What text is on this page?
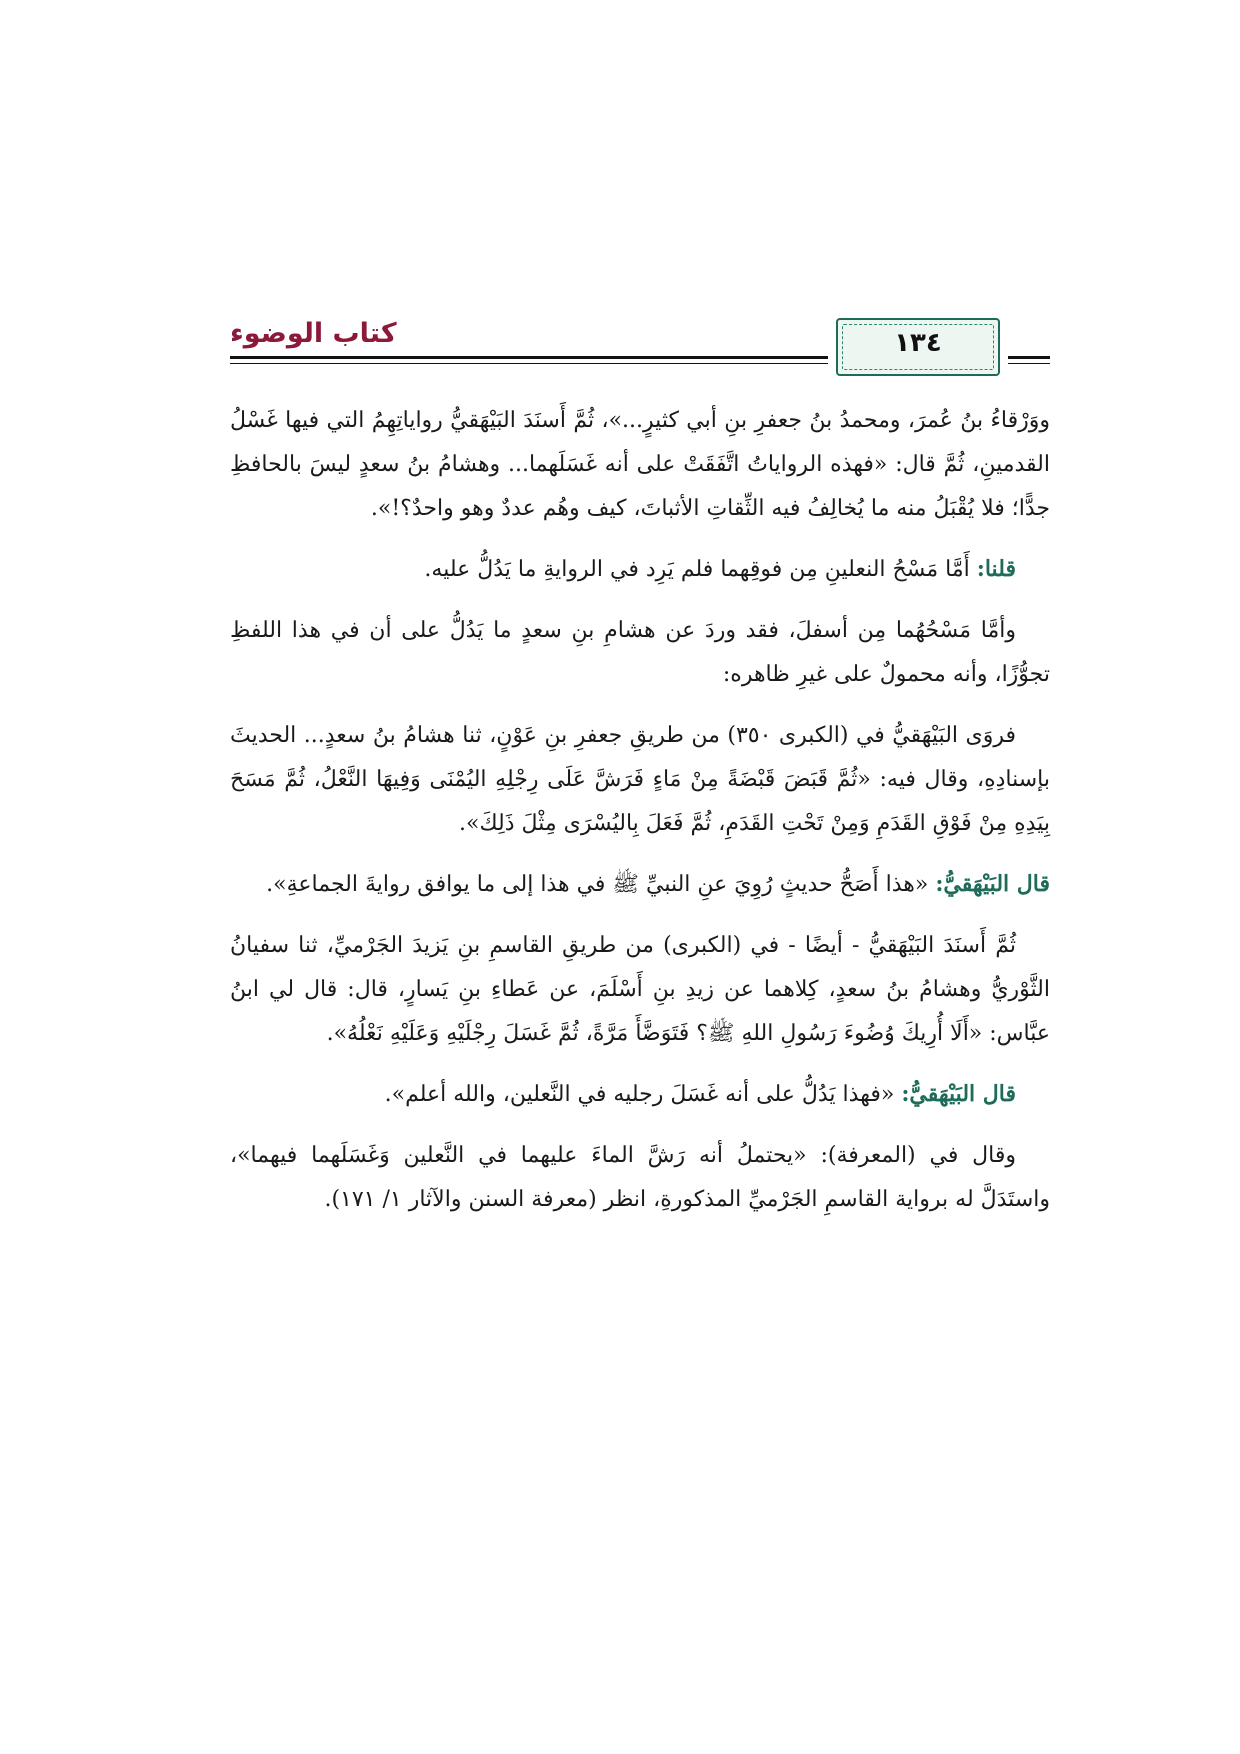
كتاب الوضوء	١٣٤

ووَرْقاءُ بنُ عُمرَ، ومحمدُ بنُ جعفرِ بنِ أبي كثيرٍ...»، ثُمَّ أَسنَدَ البَيْهَقيُّ رواياتِهِمُ التي فيها غَسْلُ القدمينِ، ثُمَّ قال: «فهذه الرواياتُ اتَّفَقَتْ على أنه غَسَلَهما... وهشامُ بنُ سعدٍ ليسَ بالحافظِ جدًّا؛ فلا يُقْبَلُ منه ما يُخالِفُ فيه الثِّقاتِ الأثباتَ، كيف وهُم عددٌ وهو واحدٌ؟!».

قلنا: أَمَّا مَسْحُ النعلينِ مِن فوقِهما فلم يَرِد في الروايةِ ما يَدُلُّ عليه.

وأمَّا مَسْحُهُما مِن أسفلَ، فقد وردَ عن هشامِ بنِ سعدٍ ما يَدُلُّ على أن في هذا اللفظِ تجوُّزًا، وأنه محمولٌ على غيرِ ظاهره:

فروَى البَيْهَقيُّ في (الكبرى ٣٥٠) من طريقِ جعفرِ بنِ عَوْنٍ، ثنا هشامُ بنُ سعدٍ... الحديثَ بإسنادِهِ، وقال فيه: «ثُمَّ قَبَضَ قَبْضَةً مِنْ مَاءٍ فَرَشَّ عَلَى رِجْلِهِ اليُمْنَى وَفِيهَا النَّعْلُ، ثُمَّ مَسَحَ بِيَدِهِ مِنْ فَوْقِ القَدَمِ وَمِنْ تَحْتِ القَدَمِ، ثُمَّ فَعَلَ بِاليُسْرَى مِثْلَ ذَلِكَ».

قال البَيْهَقيُّ: «هذا أَصَحُّ حديثٍ رُوِيَ عنِ النبيِّ ﷺ في هذا إلى ما يوافق روايةَ الجماعةِ».

ثُمَّ أَسنَدَ البَيْهَقيُّ - أيضًا - في (الكبرى) من طريقِ القاسمِ بنِ يَزيدَ الجَرْميِّ، ثنا سفيانُ الثَّوْريُّ وهشامُ بنُ سعدٍ، كِلاهما عن زيدِ بنِ أَسْلَمَ، عن عَطاءِ بنِ يَسارٍ، قال: قال لي ابنُ عبَّاس: «أَلَا أُرِيكَ وُضُوءَ رَسُولِ اللهِ ﷺ؟ فَتَوَضَّأَ مَرَّةً، ثُمَّ غَسَلَ رِجْلَيْهِ وَعَلَيْهِ نَعْلُهُ».

قال البَيْهَقيُّ: «فهذا يَدُلُّ على أنه غَسَلَ رجليه في النَّعلين، والله أعلم».

وقال في (المعرفة): «يحتملُ أنه رَشَّ الماءَ عليهما في النَّعلين وَغَسَلَهما فيهما»، واستَدَلَّ له برواية القاسمِ الجَرْميِّ المذكورةِ، انظر (معرفة السنن والآثار ١/ ١٧١).
